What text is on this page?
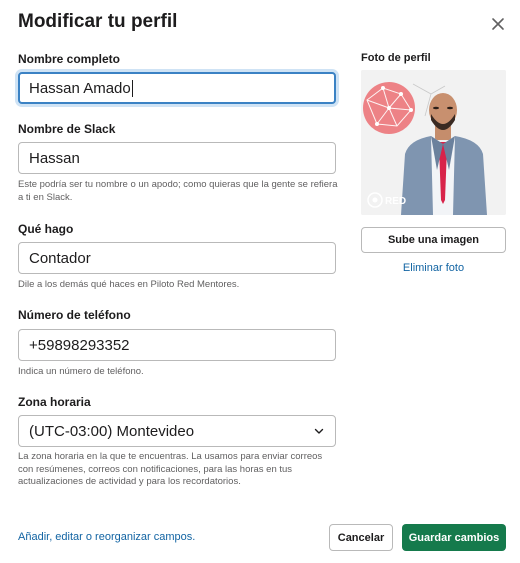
Modificar tu perfil
Nombre completo
Hassan Amado
Nombre de Slack
Hassan
Este podría ser tu nombre o un apodo; como quieras que la gente se refiera a ti en Slack.
Qué hago
Contador
Dile a los demás qué haces en Piloto Red Mentores.
Número de teléfono
+59898293352
Indica un número de teléfono.
Zona horaria
(UTC-03:00) Montevideo
La zona horaria en la que te encuentras. La usamos para enviar correos con resúmenes, correos con notificaciones, para las horas en tus actualizaciones de actividad y para los recordatorios.
Foto de perfil
RED
Sube una imagen
Eliminar foto
Añadir, editar o reorganizar campos.	Cancelar	Guardar cambios
